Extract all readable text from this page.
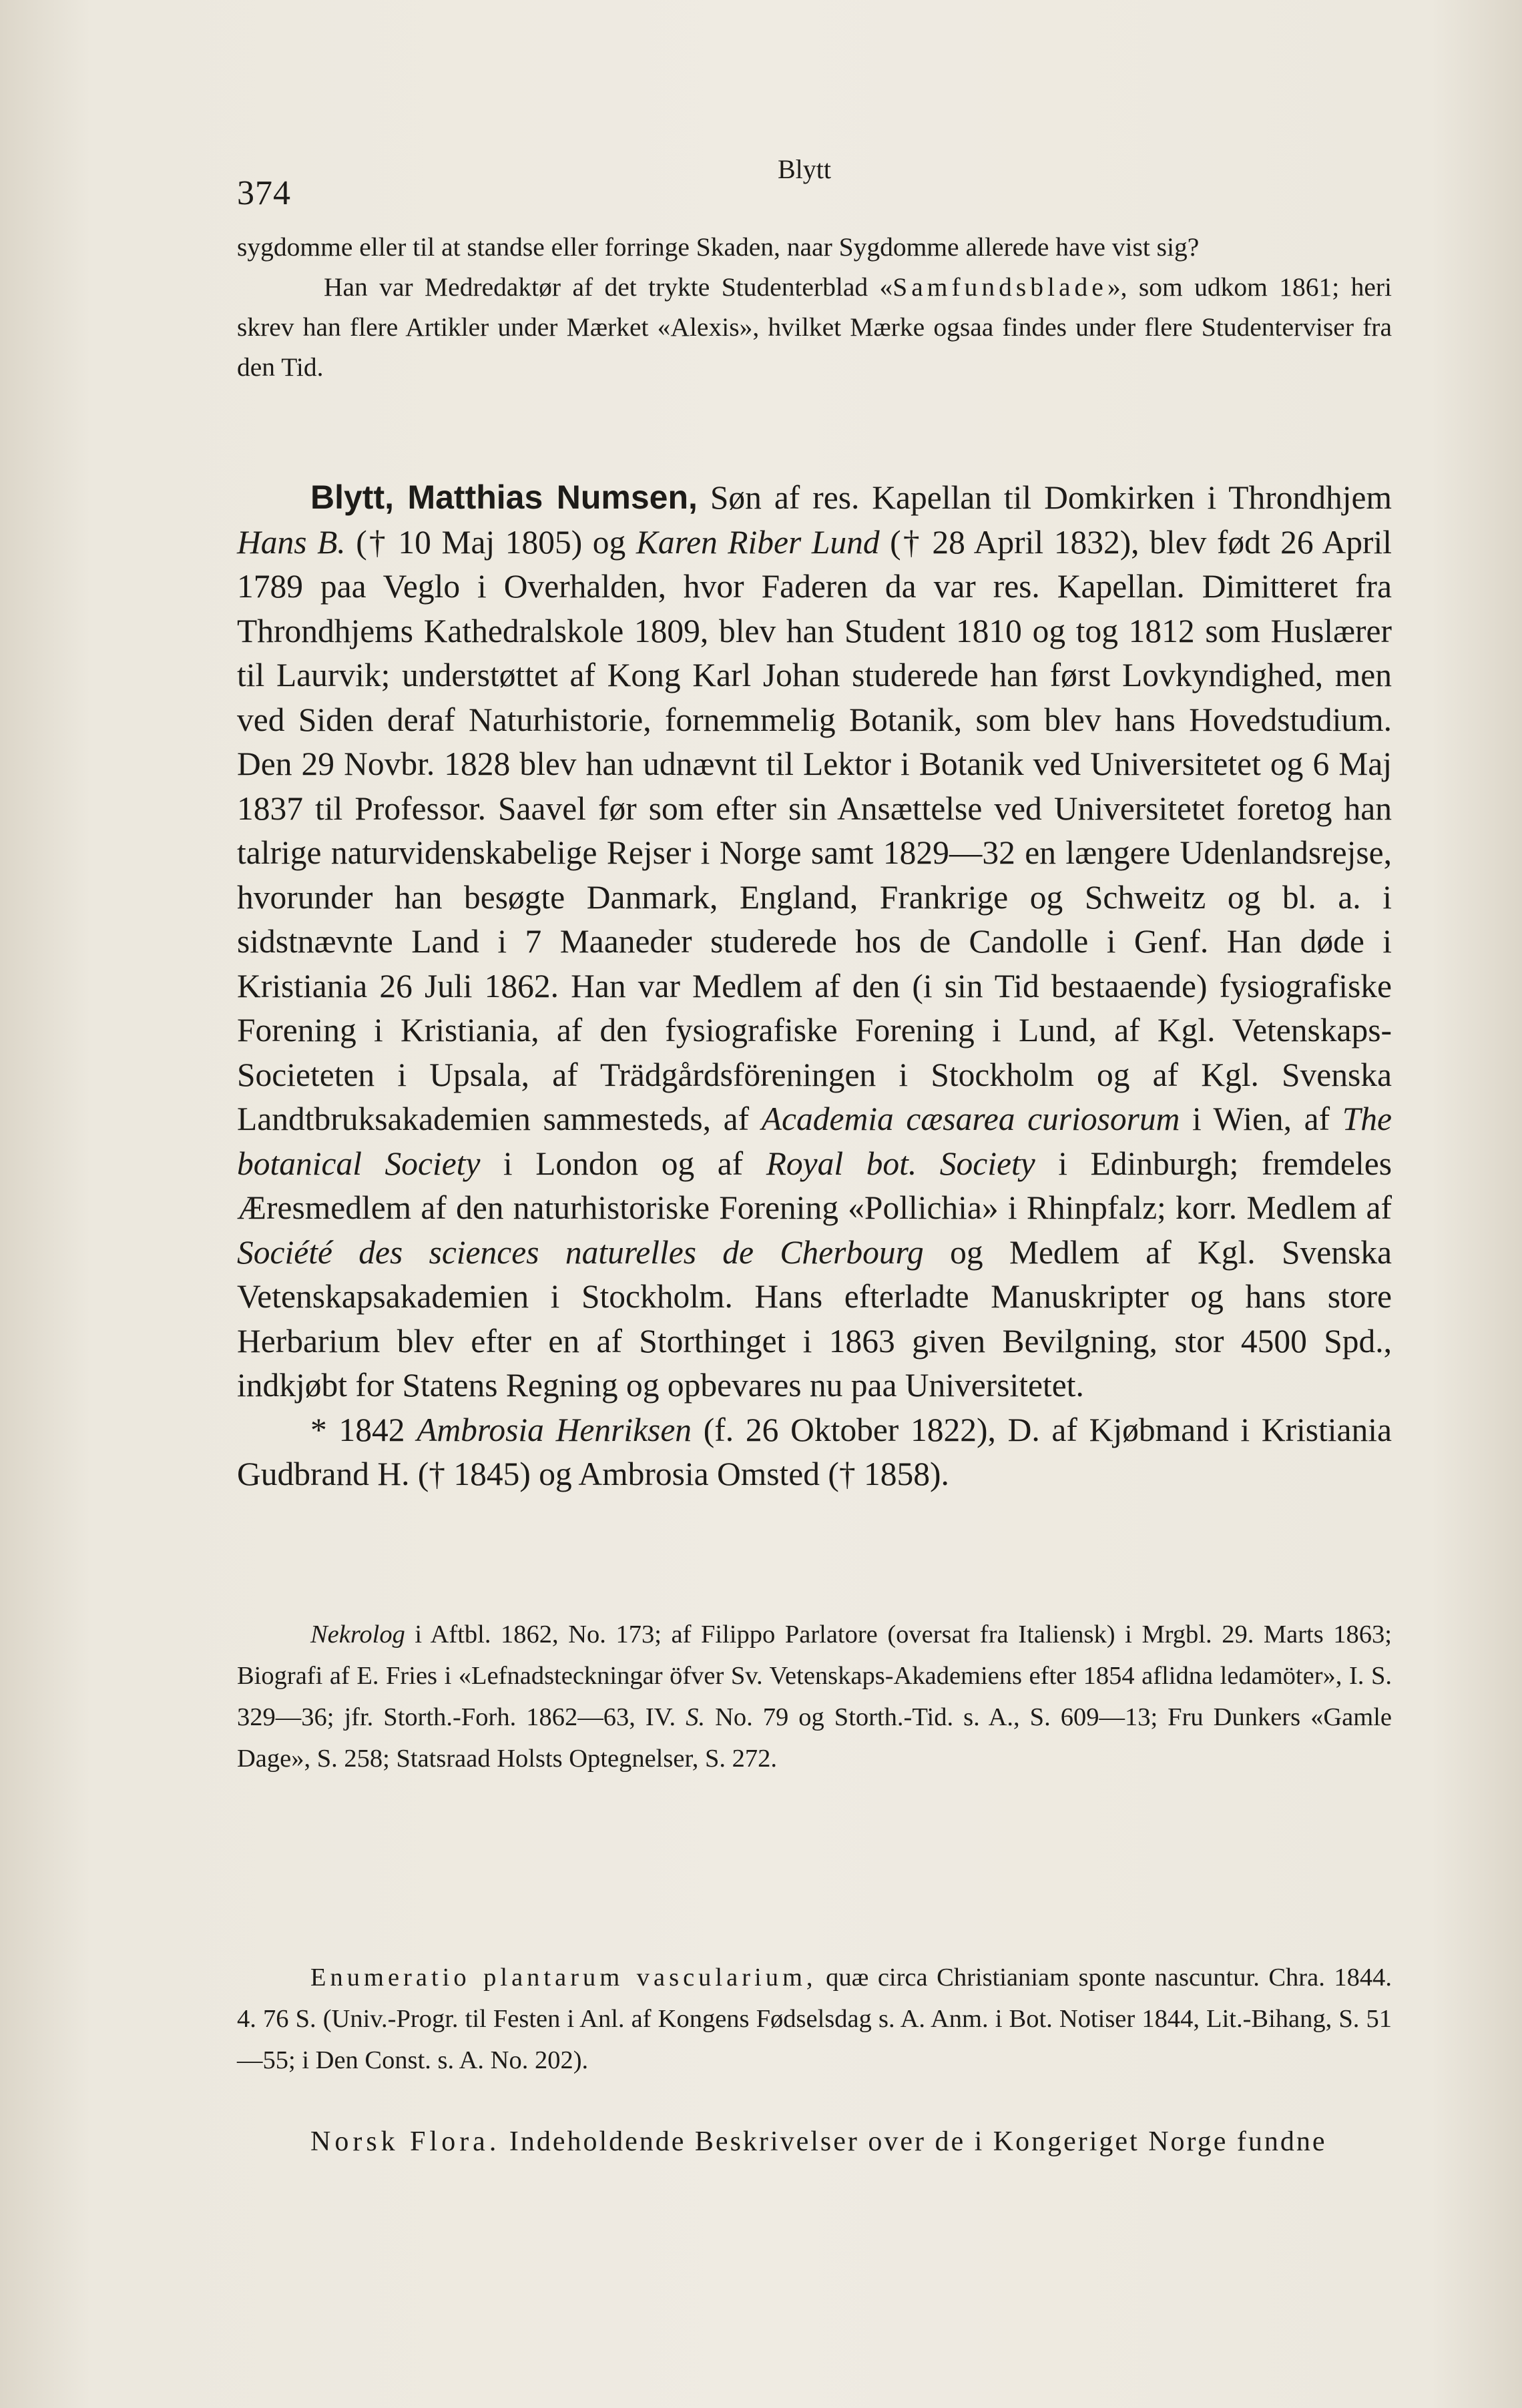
374
Blytt

sygdomme eller til at standse eller forringe Skaden, naar Sygdomme allerede have vist sig?

Han var Medredaktør af det trykte Studenterblad «Samfundsblade», som udkom 1861; heri skrev han flere Artikler under Mærket «Alexis», hvilket Mærke ogsaa findes under flere Studenterviser fra den Tid.

Blytt, Matthias Numsen, Søn af res. Kapellan til Domkirken i Throndhjem Hans B. († 10 Maj 1805) og Karen Riber Lund († 28 April 1832), blev født 26 April 1789 paa Veglo i Overhalden, hvor Faderen da var res. Kapellan. Dimitteret fra Throndhjems Kathedralskole 1809, blev han Student 1810 og tog 1812 som Huslærer til Laurvik; understøttet af Kong Karl Johan studerede han først Lovkyndighed, men ved Siden deraf Naturhistorie, fornemmelig Botanik, som blev hans Hovedstudium. Den 29 Novbr. 1828 blev han udnævnt til Lektor i Botanik ved Universitetet og 6 Maj 1837 til Professor. Saavel før som efter sin Ansættelse ved Universitetet foretog han talrige naturvidenskabelige Rejser i Norge samt 1829—32 en længere Udenlandsrejse, hvorunder han besøgte Danmark, England, Frankrige og Schweitz og bl. a. i sidstnævnte Land i 7 Maaneder studerede hos de Candolle i Genf. Han døde i Kristiania 26 Juli 1862. Han var Medlem af den (i sin Tid bestaaende) fysiografiske Forening i Kristiania, af den fysiografiske Forening i Lund, af Kgl. Vetenskaps-Societeten i Upsala, af Trädgårdsföreningen i Stockholm og af Kgl. Svenska Landtbruksakademien sammesteds, af Academia cæsarea curiosorum i Wien, af The botanical Society i London og af Royal bot. Society i Edinburgh; fremdeles Æresmedlem af den naturhistoriske Forening «Pollichia» i Rhinpfalz; korr. Medlem af Société des sciences naturelles de Cherbourg og Medlem af Kgl. Svenska Vetenskapsakademien i Stockholm. Hans efterladte Manuskripter og hans store Herbarium blev efter en af Storthinget i 1863 given Bevilgning, stor 4500 Spd., indkjøbt for Statens Regning og opbevares nu paa Universitetet.

* 1842 Ambrosia Henriksen (f. 26 Oktober 1822), D. af Kjøbmand i Kristiania Gudbrand H. († 1845) og Ambrosia Omsted († 1858).

Nekrolog i Aftbl. 1862, No. 173; af Filippo Parlatore (oversat fra Italiensk) i Mrgbl. 29. Marts 1863; Biografi af E. Fries i «Lefnadsteckningar öfver Sv. Vetenskaps-Akademiens efter 1854 aflidna ledamöter», I. S. 329—36; jfr. Storth.-Forh. 1862—63, IV. S. No. 79 og Storth.-Tid. s. A., S. 609—13; Fru Dunkers «Gamle Dage», S. 258; Statsraad Holsts Optegnelser, S. 272.

Enumeratio plantarum vascularium, quæ circa Christianiam sponte nascuntur. Chra. 1844. 4. 76 S. (Univ.-Progr. til Festen i Anl. af Kongens Fødselsdag s. A. Anm. i Bot. Notiser 1844, Lit.-Bihang, S. 51—55; i Den Const. s. A. No. 202).

Norsk Flora. Indeholdende Beskrivelser over de i Kongeriget Norge fundne
